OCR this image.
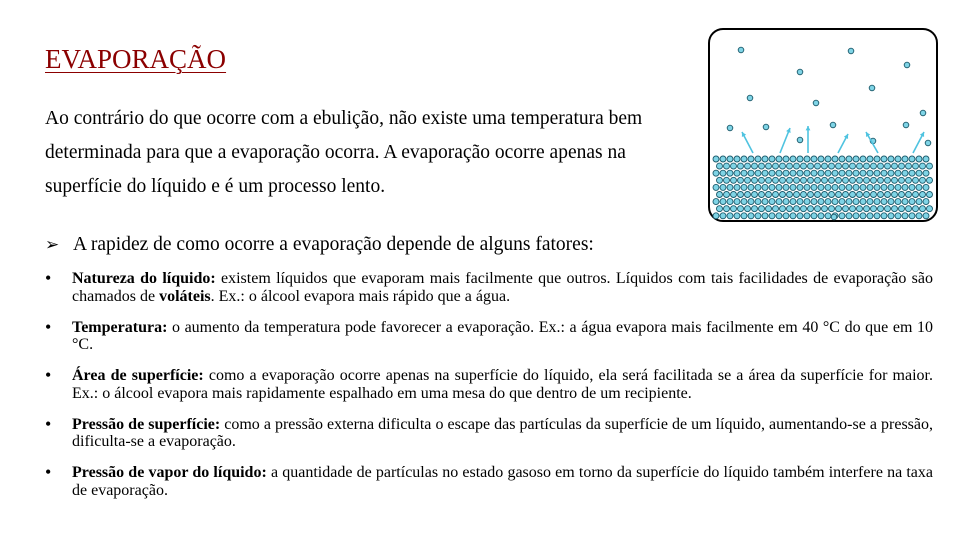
EVAPORAÇÃO
Ao contrário do que ocorre com a ebulição, não existe uma temperatura bem determinada para que a evaporação ocorra. A evaporação ocorre apenas na superfície do líquido e é um processo lento.
➢ A rapidez de como ocorre a evaporação depende de alguns fatores:
• Natureza do líquido: existem líquidos que evaporam mais facilmente que outros. Líquidos com tais facilidades de evaporação são chamados de voláteis. Ex.: o álcool evapora mais rápido que a água.
• Temperatura: o aumento da temperatura pode favorecer a evaporação. Ex.: a água evapora mais facilmente em 40 °C do que em 10 °C.
• Área de superfície: como a evaporação ocorre apenas na superfície do líquido, ela será facilitada se a área da superfície for maior. Ex.: o álcool evapora mais rapidamente espalhado em uma mesa do que dentro de um recipiente.
• Pressão de superfície: como a pressão externa dificulta o escape das partículas da superfície de um líquido, aumentando-se a pressão, dificulta-se a evaporação.
• Pressão de vapor do líquido: a quantidade de partículas no estado gasoso em torno da superfície do líquido também interfere na taxa de evaporação.
